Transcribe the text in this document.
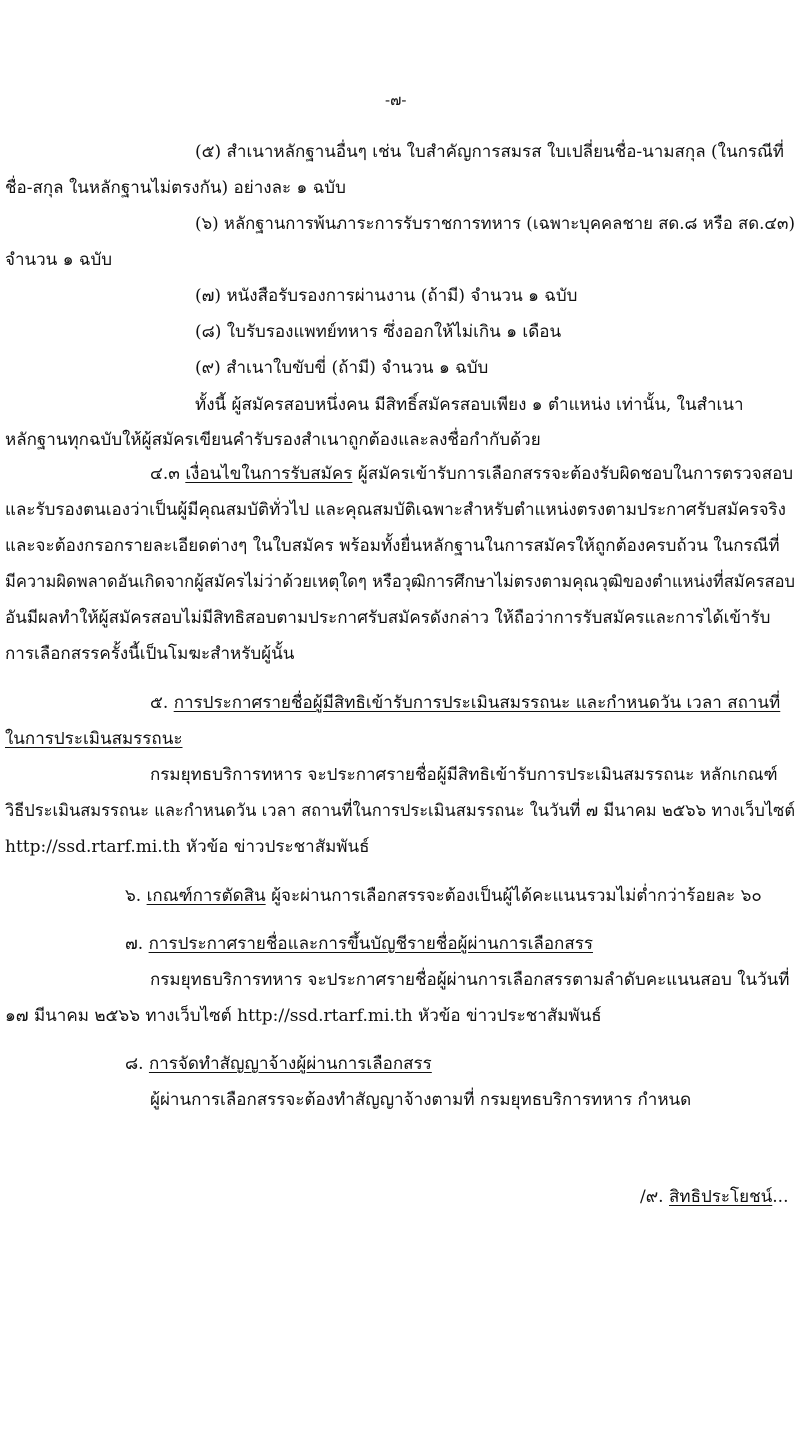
-๗-
(๕) สำเนาหลักฐานอื่นๆ เช่น ใบสำคัญการสมรส ใบเปลี่ยนชื่อ-นามสกุล (ในกรณีที่
ชื่อ-สกุล ในหลักฐานไม่ตรงกัน) อย่างละ ๑ ฉบับ
(๖) หลักฐานการพ้นภาระการรับราชการทหาร (เฉพาะบุคคลชาย สด.๘ หรือ สด.๔๓)
จำนวน ๑ ฉบับ
(๗) หนังสือรับรองการผ่านงาน (ถ้ามี) จำนวน ๑ ฉบับ
(๘) ใบรับรองแพทย์ทหาร ซึ่งออกให้ไม่เกิน ๑ เดือน
(๙) สำเนาใบขับขี่ (ถ้ามี) จำนวน ๑ ฉบับ
ทั้งนี้ ผู้สมัครสอบหนึ่งคน มีสิทธิ์สมัครสอบเพียง ๑ ตำแหน่ง เท่านั้น, ในสำเนา
หลักฐานทุกฉบับให้ผู้สมัครเขียนคำรับรองสำเนาถูกต้องและลงชื่อกำกับด้วย
๔.๓ เงื่อนไขในการรับสมัคร ผู้สมัครเข้ารับการเลือกสรรจะต้องรับผิดชอบในการตรวจสอบ
และรับรองตนเองว่าเป็นผู้มีคุณสมบัติทั่วไป และคุณสมบัติเฉพาะสำหรับตำแหน่งตรงตามประกาศรับสมัครจริง
และจะต้องกรอกรายละเอียดต่างๆ ในใบสมัคร พร้อมทั้งยื่นหลักฐานในการสมัครให้ถูกต้องครบถ้วน ในกรณีที่
มีความผิดพลาดอันเกิดจากผู้สมัครไม่ว่าด้วยเหตุใดๆ หรือวุฒิการศึกษาไม่ตรงตามคุณวุฒิของตำแหน่งที่สมัครสอบ
อันมีผลทำให้ผู้สมัครสอบไม่มีสิทธิสอบตามประกาศรับสมัครดังกล่าว ให้ถือว่าการรับสมัครและการได้เข้ารับ
การเลือกสรรครั้งนี้เป็นโมฆะสำหรับผู้นั้น
๕. การประกาศรายชื่อผู้มีสิทธิเข้ารับการประเมินสมรรถนะ และกำหนดวัน เวลา สถานที่
ในการประเมินสมรรถนะ
กรมยุทธบริการทหาร จะประกาศรายชื่อผู้มีสิทธิเข้ารับการประเมินสมรรถนะ หลักเกณฑ์
วิธีประเมินสมรรถนะ และกำหนดวัน เวลา สถานที่ในการประเมินสมรรถนะ ในวันที่ ๗ มีนาคม ๒๕๖๖ ทางเว็บไซต์
http://ssd.rtarf.mi.th หัวข้อ ข่าวประชาสัมพันธ์
๖. เกณฑ์การตัดสิน ผู้จะผ่านการเลือกสรรจะต้องเป็นผู้ได้คะแนนรวมไม่ต่ำกว่าร้อยละ ๖๐
๗. การประกาศรายชื่อและการขึ้นบัญชีรายชื่อผู้ผ่านการเลือกสรร
กรมยุทธบริการทหาร จะประกาศรายชื่อผู้ผ่านการเลือกสรรตามลำดับคะแนนสอบ ในวันที่
๑๗ มีนาคม ๒๕๖๖ ทางเว็บไซต์ http://ssd.rtarf.mi.th หัวข้อ ข่าวประชาสัมพันธ์
๘. การจัดทำสัญญาจ้างผู้ผ่านการเลือกสรร
ผู้ผ่านการเลือกสรรจะต้องทำสัญญาจ้างตามที่ กรมยุทธบริการทหาร กำหนด
/๙. สิทธิประโยชน์...
